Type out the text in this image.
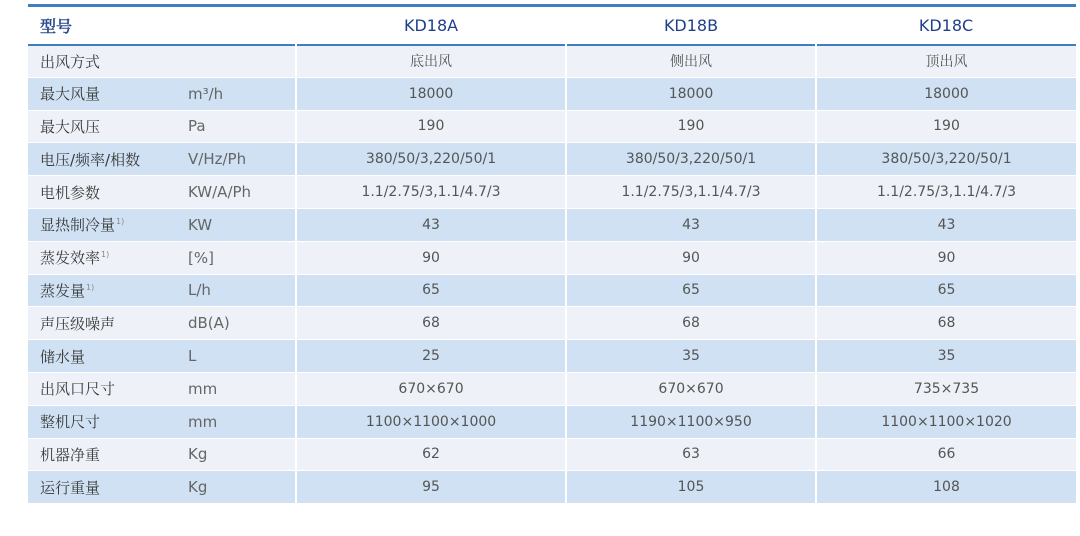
型号		KD18A	KD18B	KD18C
出风方式		底出风	侧出风	顶出风
最大风量	m³/h	18000	18000	18000
最大风压	Pa	190	190	190
电压/频率/相数	V/Hz/Ph	380/50/3,220/50/1	380/50/3,220/50/1	380/50/3,220/50/1
电机参数	KW/A/Ph	1.1/2.75/3,1.1/4.7/3	1.1/2.75/3,1.1/4.7/3	1.1/2.75/3,1.1/4.7/3
显热制冷量$^{1)}$	KW	43	43	43
蒸发效率$^{1)}$	[%]	90	90	90
蒸发量$^{1)}$	L/h	65	65	65
声压级噪声	dB(A)	68	68	68
储水量	L	25	35	35
出风口尺寸	mm	670×670	670×670	735×735
整机尺寸	mm	1100×1100×1000	1190×1100×950	1100×1100×1020
机器净重	Kg	62	63	66
运行重量	Kg	95	105	108
